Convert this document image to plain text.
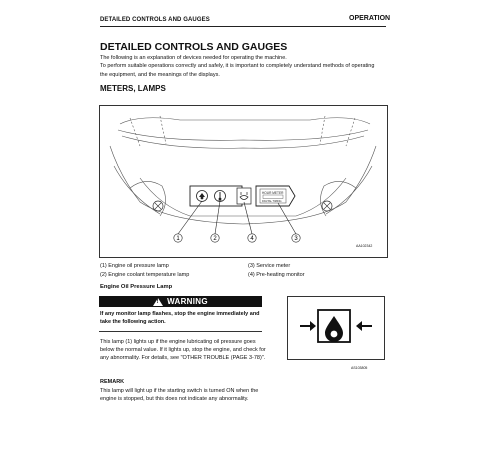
DETAILED CONTROLS AND GAUGES	OPERATION
DETAILED CONTROLS AND GAUGES
The following is an explanation of devices needed for operating the machine.
To perform suitable operations correctly and safely, it is important to completely understand methods of operating
the equipment, and the meanings of the displays.
METERS, LAMPS
HOUR METER
DIGITAL TIMING
1	2	4	3
AA102342
(1) Engine oil pressure lamp
(2) Engine coolant temperature lamp
(3) Service meter
(4) Pre-heating monitor
Engine Oil Pressure Lamp
! WARNING
If any monitor lamp flashes, stop the engine immediately and take the following action.
This lamp (1) lights up if the engine lubricating oil pressure goes below the normal value. If it lights up, stop the engine, and check for any abnormality. For details, see "OTHER TROUBLE (PAGE 3-78)".
REMARK
This lamp will light up if the starting switch is turned ON when the engine is stopped, but this does not indicate any abnormality.
AS103805
